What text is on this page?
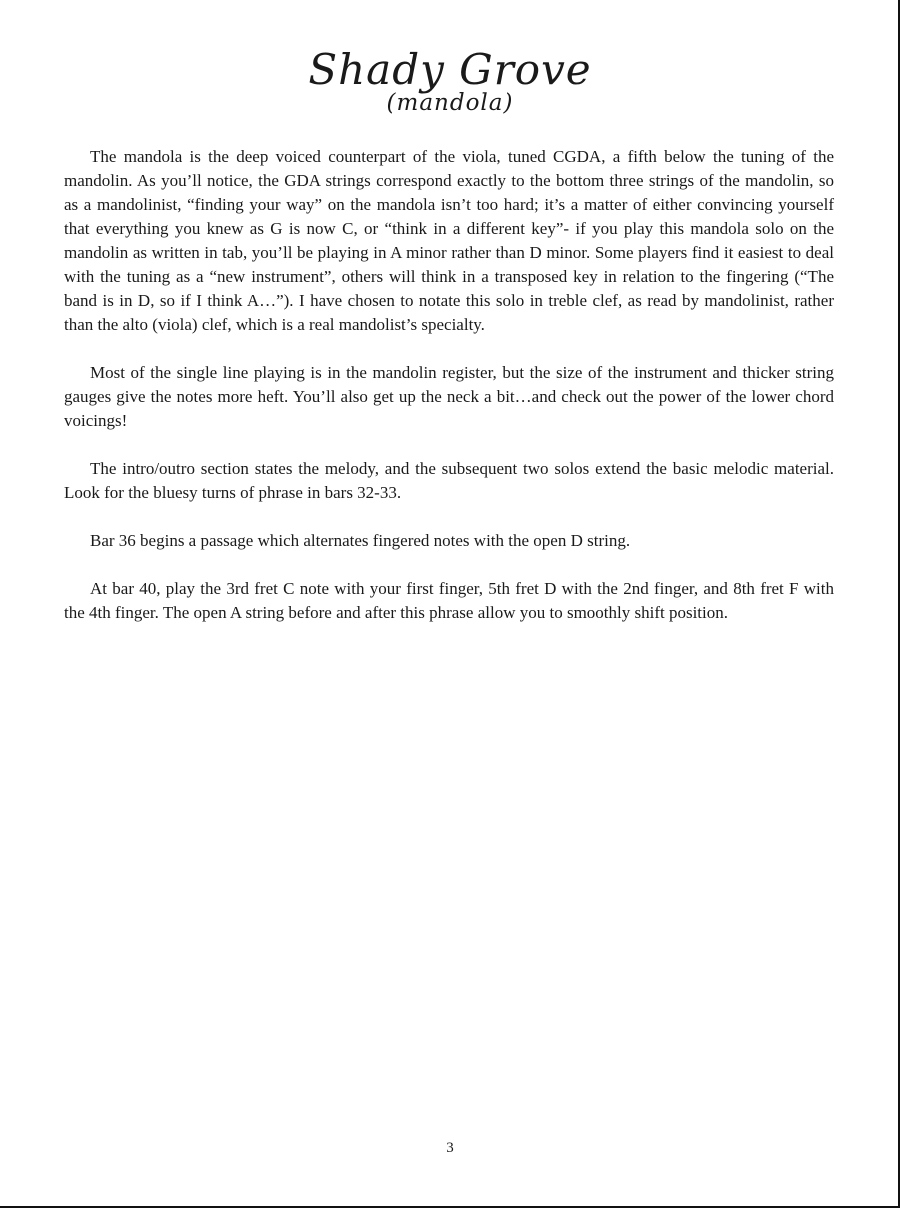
Shady Grove
(mandola)

The mandola is the deep voiced counterpart of the viola, tuned CGDA, a fifth below the tuning of the mandolin. As you’ll notice, the GDA strings correspond exactly to the bottom three strings of the mandolin, so as a mandolinist, “finding your way” on the mandola isn’t too hard; it’s a matter of either convincing yourself that everything you knew as G is now C, or “think in a different key”- if you play this mandola solo on the mandolin as written in tab, you’ll be playing in A minor rather than D minor. Some players find it easiest to deal with the tuning as a “new instrument”, others will think in a transposed key in relation to the fingering (“The band is in D, so if I think A…”). I have chosen to notate this solo in treble clef, as read by mandolinist, rather than the alto (viola) clef, which is a real mandolist’s specialty.

Most of the single line playing is in the mandolin register, but the size of the instrument and thicker string gauges give the notes more heft. You’ll also get up the neck a bit…and check out the power of the lower chord voicings!

The intro/outro section states the melody, and the subsequent two solos extend the basic melodic material. Look for the bluesy turns of phrase in bars 32-33.

Bar 36 begins a passage which alternates fingered notes with the open D string.

At bar 40, play the 3rd fret C note with your first finger, 5th fret D with the 2nd finger, and 8th fret F with the 4th finger. The open A string before and after this phrase allow you to smoothly shift position.

3
